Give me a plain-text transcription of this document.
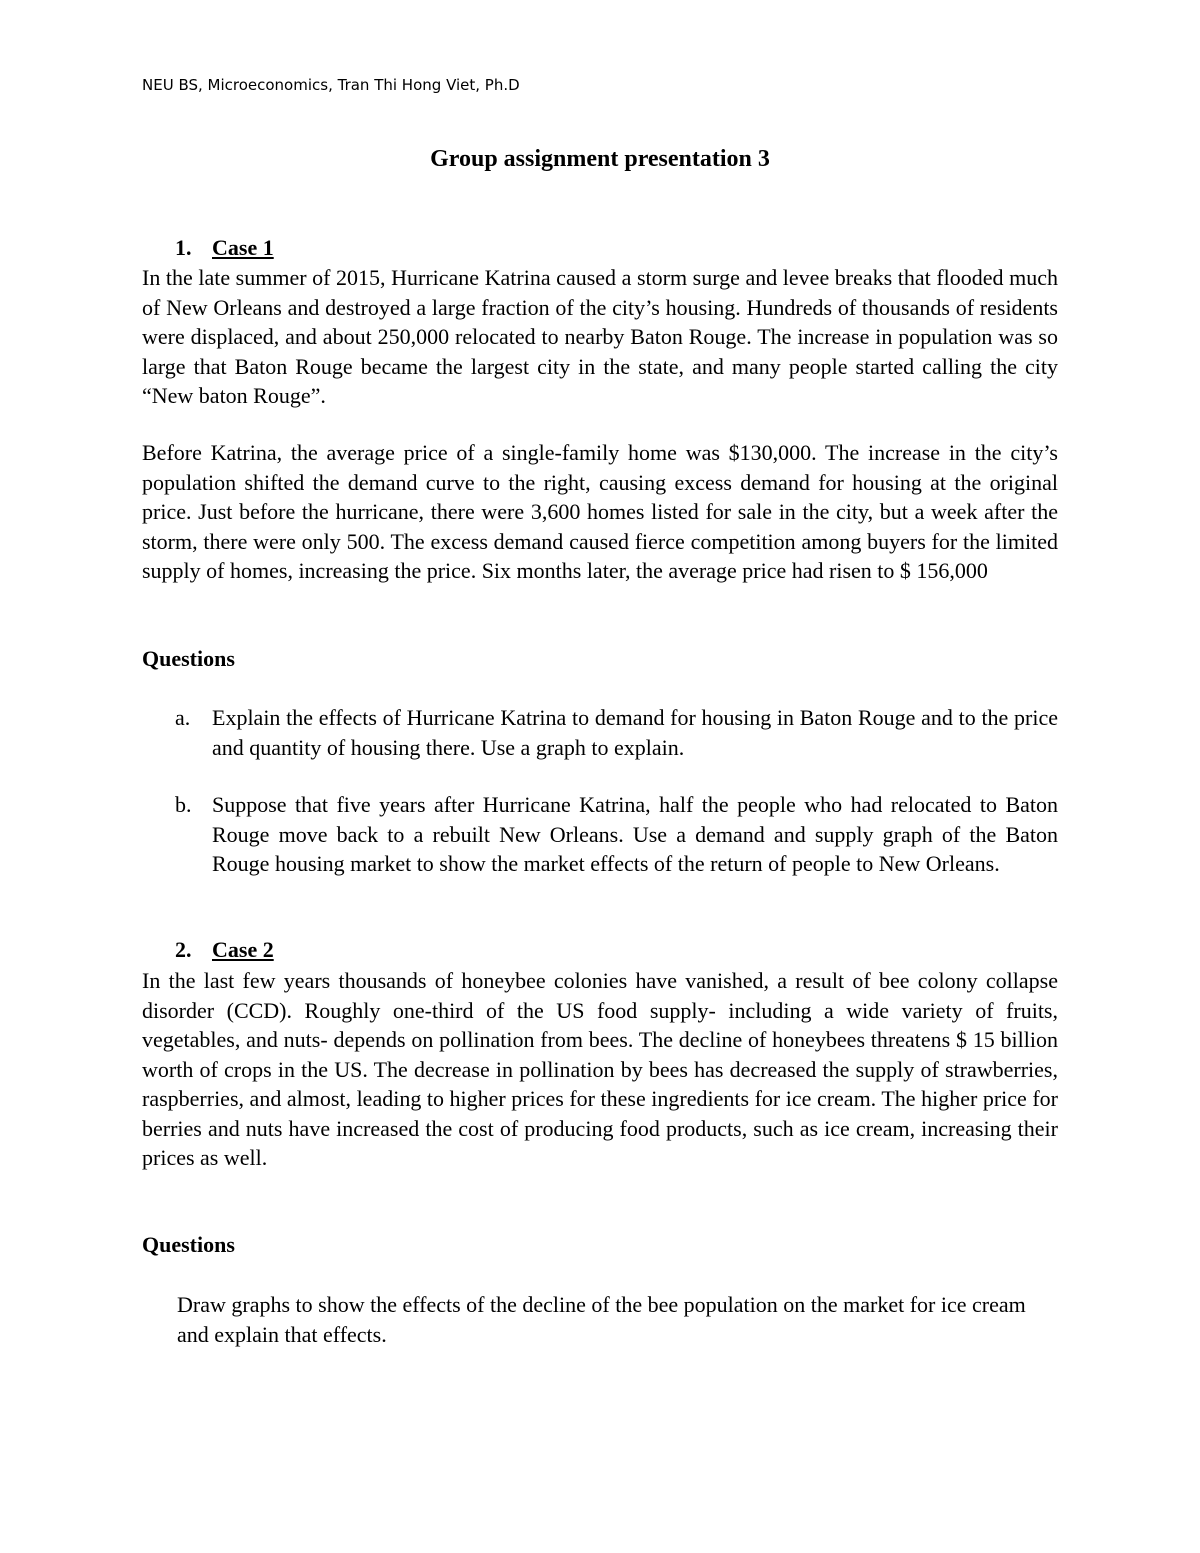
NEU BS, Microeconomics, Tran Thi Hong Viet, Ph.D
Group assignment presentation 3
1. Case 1
In the late summer of 2015, Hurricane Katrina caused a storm surge and levee breaks that flooded much of New Orleans and destroyed a large fraction of the city’s housing. Hundreds of thousands of residents were displaced, and about 250,000 relocated to nearby Baton Rouge. The increase in population was so large that Baton Rouge became the largest city in the state, and many people started calling the city “New baton Rouge”.
Before Katrina, the average price of a single-family home was $130,000. The increase in the city’s population shifted the demand curve to the right, causing excess demand for housing at the original price. Just before the hurricane, there were 3,600 homes listed for sale in the city, but a week after the storm, there were only 500. The excess demand caused fierce competition among buyers for the limited supply of homes, increasing the price. Six months later, the average price had risen to $ 156,000
Questions
a. Explain the effects of Hurricane Katrina to demand for housing in Baton Rouge and to the price and quantity of housing there. Use a graph to explain.
b. Suppose that five years after Hurricane Katrina, half the people who had relocated to Baton Rouge move back to a rebuilt New Orleans. Use a demand and supply graph of the Baton Rouge housing market to show the market effects of the return of people to New Orleans.
2. Case 2
In the last few years thousands of honeybee colonies have vanished, a result of bee colony collapse disorder (CCD). Roughly one-third of the US food supply- including a wide variety of fruits, vegetables, and nuts- depends on pollination from bees. The decline of honeybees threatens $ 15 billion worth of crops in the US. The decrease in pollination by bees has decreased the supply of strawberries, raspberries, and almost, leading to higher prices for these ingredients for ice cream. The higher price for berries and nuts have increased the cost of producing food products, such as ice cream, increasing their prices as well.
Questions
Draw graphs to show the effects of the decline of the bee population on the market for ice cream and explain that effects.
